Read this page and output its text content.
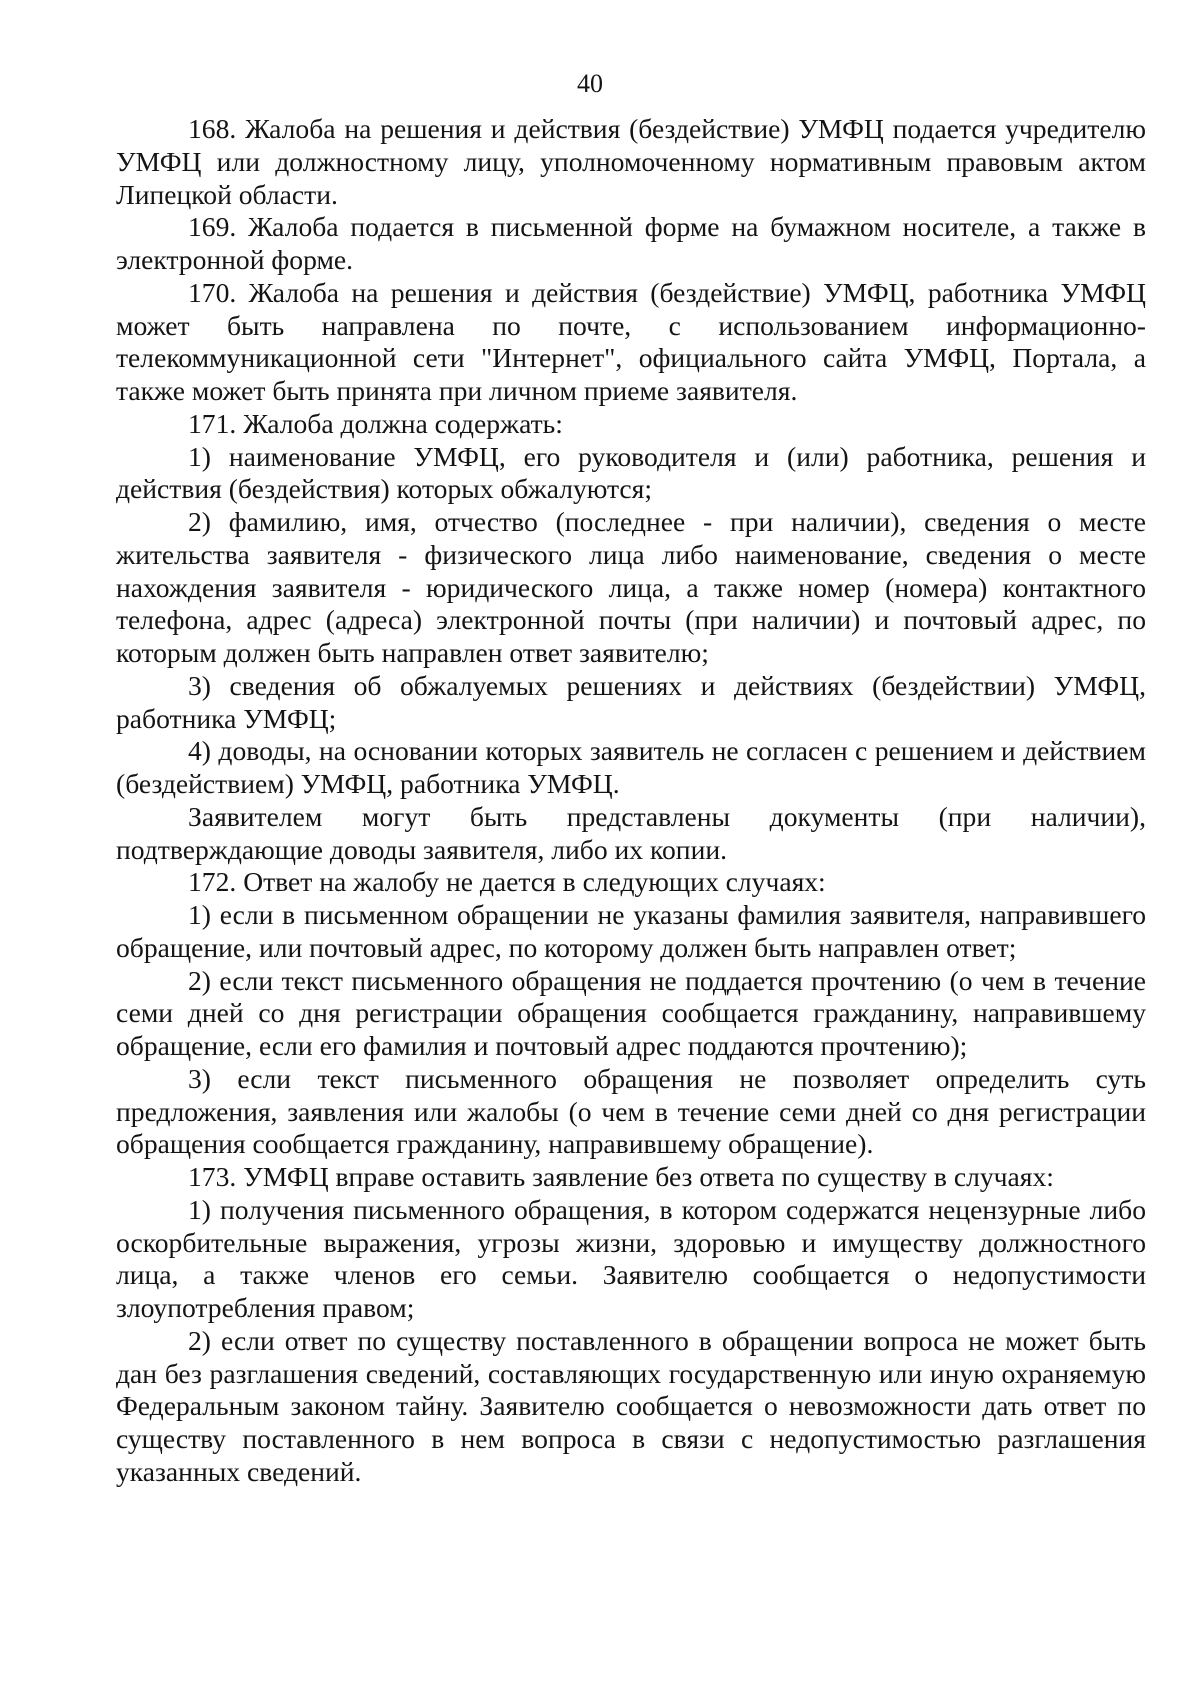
40

168. Жалоба на решения и действия (бездействие) УМФЦ подается учредителю УМФЦ или должностному лицу, уполномоченному нормативным правовым актом Липецкой области.

169. Жалоба подается в письменной форме на бумажном носителе, а также в электронной форме.

170. Жалоба на решения и действия (бездействие) УМФЦ, работника УМФЦ может быть направлена по почте, с использованием информационно-телекоммуникационной сети "Интернет", официального сайта УМФЦ, Портала, а также может быть принята при личном приеме заявителя.

171. Жалоба должна содержать:

1) наименование УМФЦ, его руководителя и (или) работника, решения и действия (бездействия) которых обжалуются;

2) фамилию, имя, отчество (последнее - при наличии), сведения о месте жительства заявителя - физического лица либо наименование, сведения о месте нахождения заявителя - юридического лица, а также номер (номера) контактного телефона, адрес (адреса) электронной почты (при наличии) и почтовый адрес, по которым должен быть направлен ответ заявителю;

3) сведения об обжалуемых решениях и действиях (бездействии) УМФЦ, работника УМФЦ;

4) доводы, на основании которых заявитель не согласен с решением и действием (бездействием) УМФЦ, работника УМФЦ.

Заявителем могут быть представлены документы (при наличии), подтверждающие доводы заявителя, либо их копии.

172. Ответ на жалобу не дается в следующих случаях:

1) если в письменном обращении не указаны фамилия заявителя, направившего обращение, или почтовый адрес, по которому должен быть направлен ответ;

2) если текст письменного обращения не поддается прочтению (о чем в течение семи дней со дня регистрации обращения сообщается гражданину, направившему обращение, если его фамилия и почтовый адрес поддаются прочтению);

3) если текст письменного обращения не позволяет определить суть предложения, заявления или жалобы (о чем в течение семи дней со дня регистрации обращения сообщается гражданину, направившему обращение).

173. УМФЦ вправе оставить заявление без ответа по существу в случаях:

1) получения письменного обращения, в котором содержатся нецензурные либо оскорбительные выражения, угрозы жизни, здоровью и имуществу должностного лица, а также членов его семьи. Заявителю сообщается о недопустимости злоупотребления правом;

2) если ответ по существу поставленного в обращении вопроса не может быть дан без разглашения сведений, составляющих государственную или иную охраняемую Федеральным законом тайну. Заявителю сообщается о невозможности дать ответ по существу поставленного в нем вопроса в связи с недопустимостью разглашения указанных сведений.
